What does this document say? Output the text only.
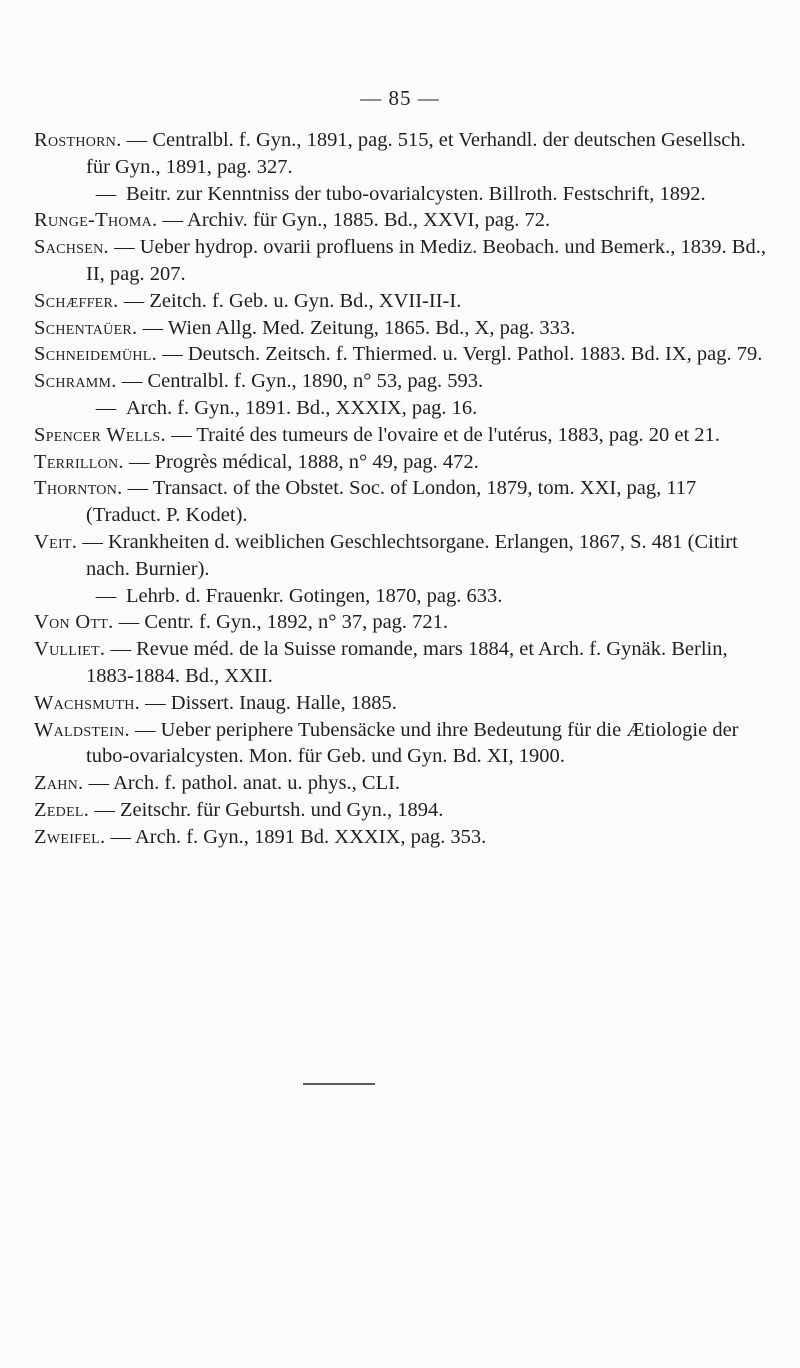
— 85 —

Rosthorn. — Centralbl. f. Gyn., 1891, pag. 515, et Verhandl. der deutschen Gesellsch. für Gyn., 1891, pag. 327.

— Beitr. zur Kenntniss der tubo-ovarialcysten. Billroth. Festschrift, 1892.

Runge-Thoma. — Archiv. für Gyn., 1885. Bd., XXVI, pag. 72.

Sachsen. — Ueber hydrop. ovarii profluens in Mediz. Beobach. und Bemerk., 1839. Bd., II, pag. 207.

Schæffer. — Zeitch. f. Geb. u. Gyn. Bd., XVII-II-I.

Schentaüer. — Wien Allg. Med. Zeitung, 1865. Bd., X, pag. 333.

Schneidemühl. — Deutsch. Zeitsch. f. Thiermed. u. Vergl. Pathol. 1883. Bd. IX, pag. 79.

Schramm. — Centralbl. f. Gyn., 1890, n° 53, pag. 593.

— Arch. f. Gyn., 1891. Bd., XXXIX, pag. 16.

Spencer Wells. — Traité des tumeurs de l'ovaire et de l'utérus, 1883, pag. 20 et 21.

Terrillon. — Progrès médical, 1888, n° 49, pag. 472.

Thornton. — Transact. of the Obstet. Soc. of London, 1879, tom. XXI, pag, 117 (Traduct. P. Kodet).

Veit. — Krankheiten d. weiblichen Geschlechtsorgane. Erlangen, 1867, S. 481 (Citirt nach. Burnier).

— Lehrb. d. Frauenkr. Gotingen, 1870, pag. 633.

Von Ott. — Centr. f. Gyn., 1892, n° 37, pag. 721.

Vulliet. — Revue méd. de la Suisse romande, mars 1884, et Arch. f. Gynäk. Berlin, 1883-1884. Bd., XXII.

Wachsmuth. — Dissert. Inaug. Halle, 1885.

Waldstein. — Ueber periphere Tubensäcke und ihre Bedeutung für die Ætiologie der tubo-ovarialcysten. Mon. für Geb. und Gyn. Bd. XI, 1900.

Zahn. — Arch. f. pathol. anat. u. phys., CLI.

Zedel. — Zeitschr. für Geburtsh. und Gyn., 1894.

Zweifel. — Arch. f. Gyn., 1891 Bd. XXXIX, pag. 353.
